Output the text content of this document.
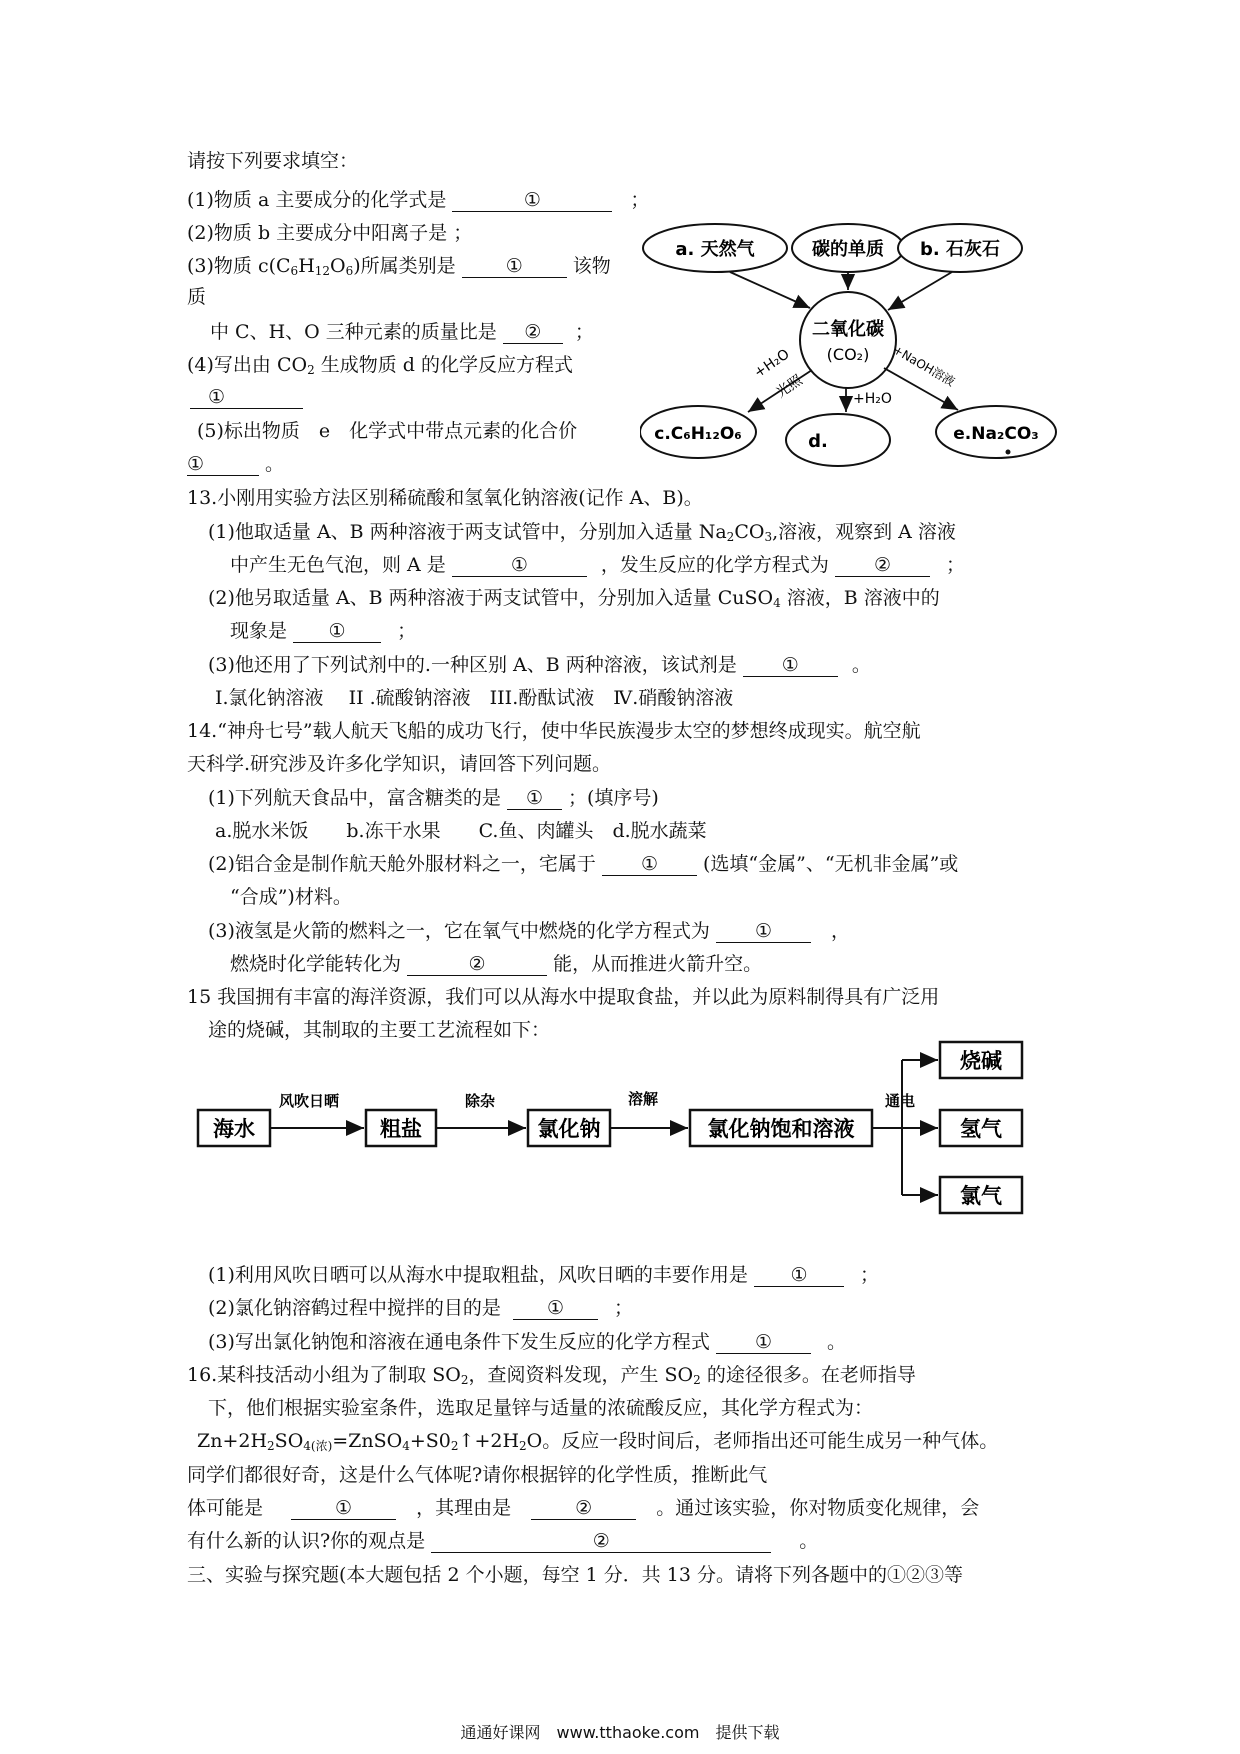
请按下列要求填空：
(1)物质 a 主要成分的化学式是	①	；
(2)物质 b 主要成分中阳离子是 ；
(3)物质 $c(C_6H_{12}O_6)$所属类别是	①	该物
质
中 C、H、O 三种元素的质量比是 ② ；
(4)写出由 $CO_2$ 生成物质 d 的化学反应方程式
①
(5)标出物质　e　化学式中带点元素的化合价
①	。
a. 天然气	碳的单质 b. 石灰石
二氧化碳
(CO₂)
c.C₆H₁₂O₆	d.	e.Na₂CO₃
+H₂O
光照	+H₂O
+NaOH溶液
13.小刚用实验方法区别稀硫酸和氢氧化钠溶液(记作 A、B)。
(1)他取适量 A、B 两种溶液于两支试管中，分别加入适量 $Na_2CO_3$,溶液，观察到 A 溶液
中产生无色气泡，则 A 是	①	，发生反应的化学方程式为 ②	；
(2)他另取适量 A、B 两种溶液于两支试管中，分别加入适量 CuSO$_4$ 溶液，B 溶液中的
现象是 ①	；
(3)他还用了下列试剂中的.一种区别 A、B 两种溶液，该试剂是 ①	。
I.氯化钠溶液　 II .硫酸钠溶液　III.酚酞试液　Ⅳ.硝酸钠溶液
14.“神舟七号”载人航天飞船的成功飞行，使中华民族漫步太空的梦想终成现实。航空航
天科学.研究涉及许多化学知识，请回答下列问题。
(1)下列航天食品中，富含糖类的是 ① ；(填序号)
a.脱水米饭　　b.冻干水果　　C.鱼、肉罐头　d.脱水蔬菜
(2)铝合金是制作航天舱外服材料之一，宅属于 ① (选填“金属”、“无机非金属”或
“合成”)材料。
(3)液氢是火箭的燃料之一，它在氧气中燃烧的化学方程式为 ①	，
燃烧时化学能转化为	②	能，从而推进火箭升空。
15 我国拥有丰富的海洋资源，我们可以从海水中提取食盐，并以此为原料制得具有广泛用
途的烧碱，其制取的主要工艺流程如下：
海水
风吹日晒
粗盐
除杂
氯化钠
溶解
氯化钠饱和溶液
通电
烧碱
氢气
氯气
(1)利用风吹日晒可以从海水中提取粗盐，风吹日晒的丰要作用是 ①	；
(2)氯化钠溶鹤过程中搅拌的目的是 ①	；
(3)写出氯化钠饱和溶液在通电条件下发生反应的化学方程式 ①	。
16.某科技活动小组为了制取 $SO_2$，查阅资料发现，产生 $SO_2$ 的途径很多。在老师指导
下，他们根据实验室条件，选取足量锌与适量的浓硫酸反应，其化学方程式为：
$Zn+2H_2SO_{4(浓)}=ZnSO_4+S0_2↑+2H_2O$。反应一段时间后，老师指出还可能生成另一种气体。
同学们都很好奇，这是什么气体呢?请你根据锌的化学性质，推断此气
体可能是	①	，其理由是	②	。通过该实验，你对物质变化规律，会
有什么新的认识?你的观点是	②	。
三、实验与探究题(本大题包括 2 个小题，每空 1 分．共 13 分。请将下列各题中的①②③等
通通好课网　www.tthaoke.com　提供下载
